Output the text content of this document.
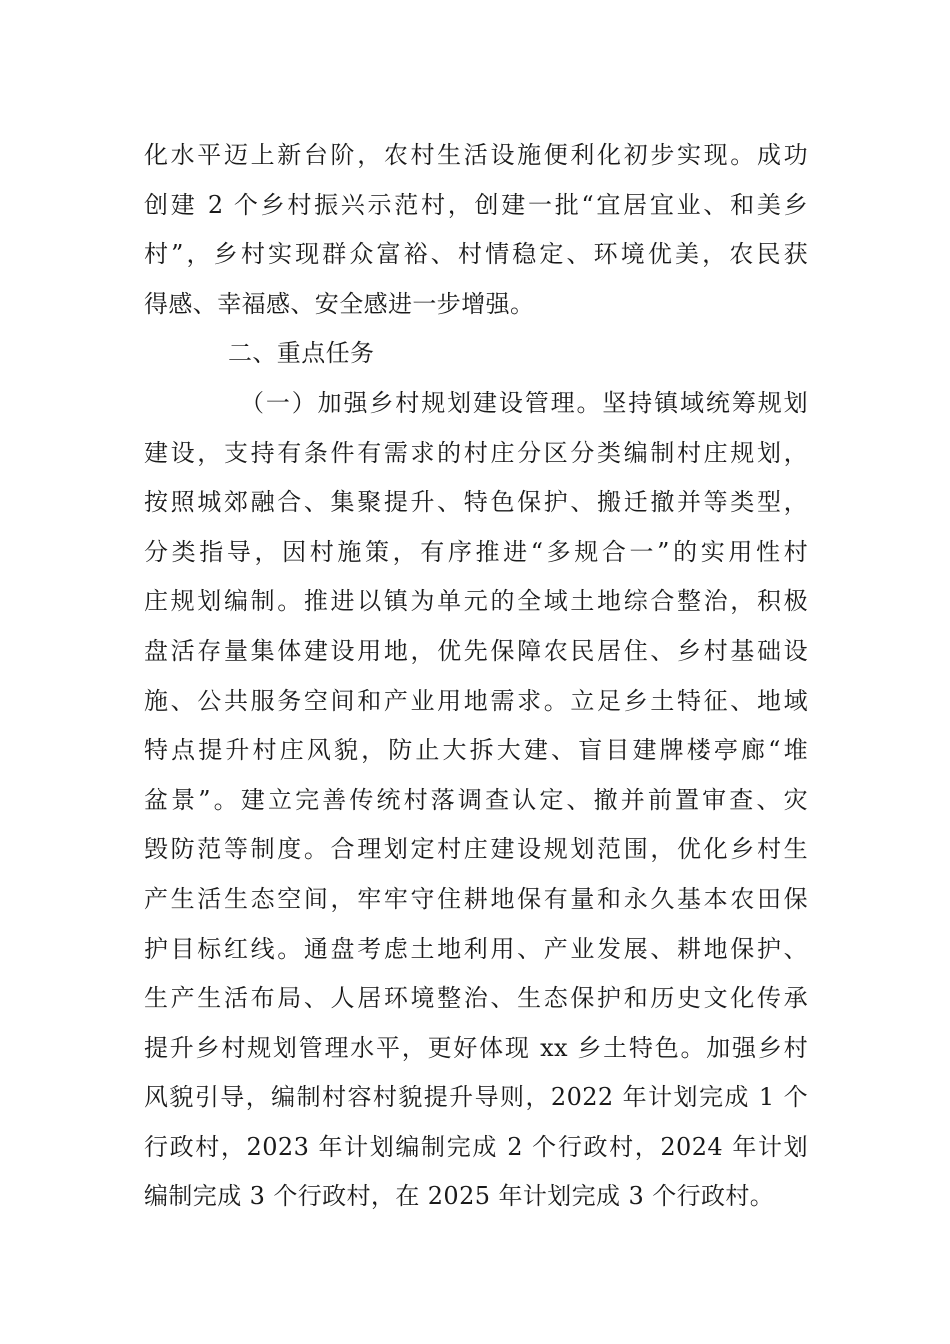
化水平迈上新台阶，农村生活设施便利化初步实现。成功
创建 2 个乡村振兴示范村，创建一批“宜居宜业、和美乡
村”，乡村实现群众富裕、村情稳定、环境优美，农民获
得感、幸福感、安全感进一步增强。
二、重点任务
（一）加强乡村规划建设管理。坚持镇域统筹规划
建设，支持有条件有需求的村庄分区分类编制村庄规划，
按照城郊融合、集聚提升、特色保护、搬迁撤并等类型，
分类指导，因村施策，有序推进“多规合一”的实用性村
庄规划编制。推进以镇为单元的全域土地综合整治，积极
盘活存量集体建设用地，优先保障农民居住、乡村基础设
施、公共服务空间和产业用地需求。立足乡土特征、地域
特点提升村庄风貌，防止大拆大建、盲目建牌楼亭廊“堆
盆景”。建立完善传统村落调查认定、撤并前置审查、灾
毁防范等制度。合理划定村庄建设规划范围，优化乡村生
产生活生态空间，牢牢守住耕地保有量和永久基本农田保
护目标红线。通盘考虑土地利用、产业发展、耕地保护、
生产生活布局、人居环境整治、生态保护和历史文化传承
提升乡村规划管理水平，更好体现 xx 乡土特色。加强乡村
风貌引导，编制村容村貌提升导则，2022 年计划完成 1 个
行政村，2023 年计划编制完成 2 个行政村，2024 年计划
编制完成 3 个行政村，在 2025 年计划完成 3 个行政村。
